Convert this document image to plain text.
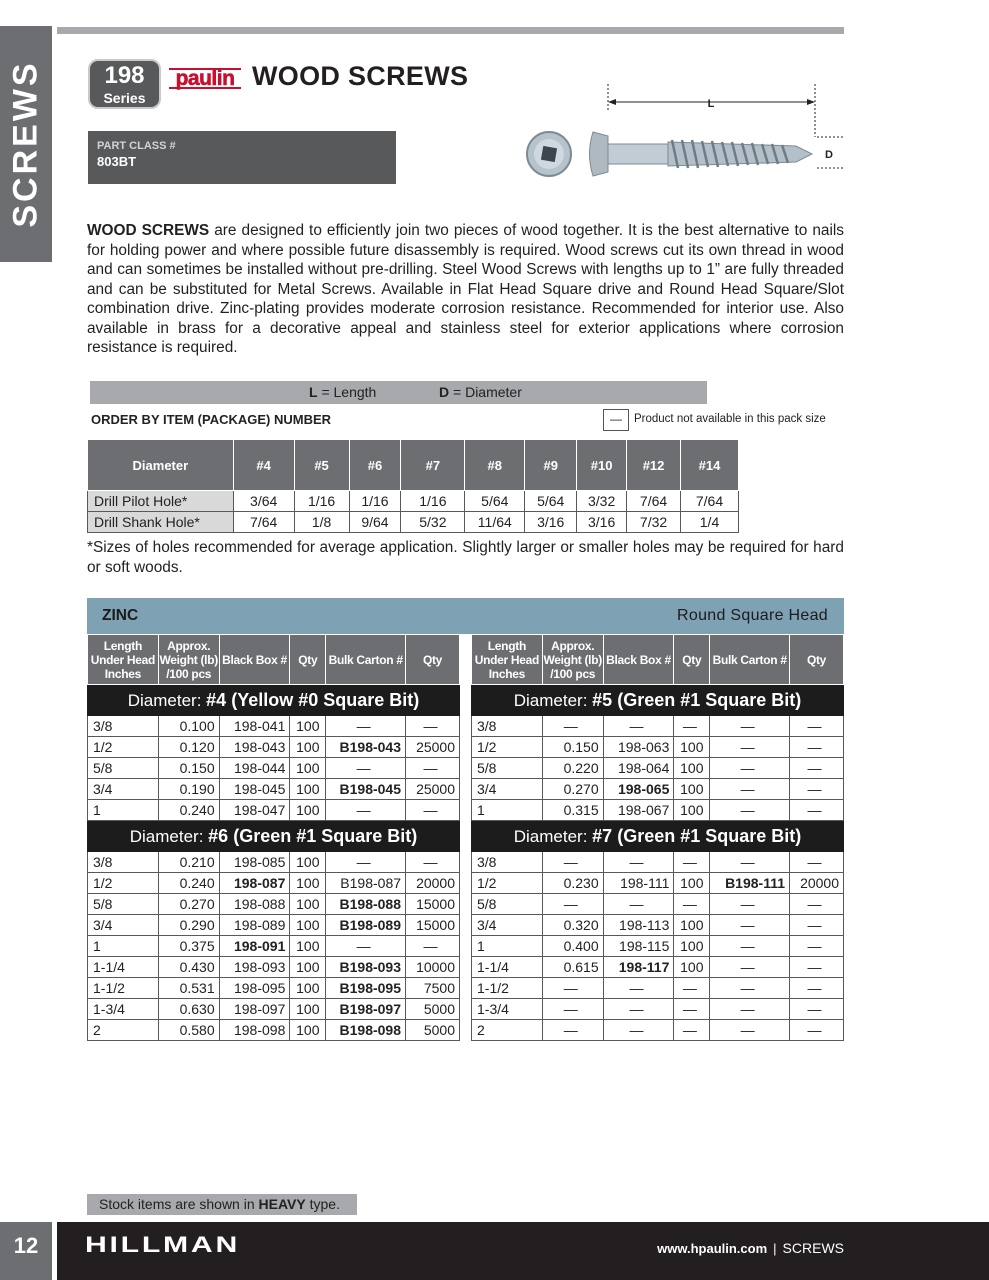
SCREWS	198
Series
paulin WOOD SCREWS
PART CLASS #
803BT
L
D
WOOD SCREWS are designed to efficiently join two pieces of wood together. It is the best alternative to nails for holding power and where possible future disassembly is required. Wood screws cut its own thread in wood and can sometimes be installed without pre-drilling. Steel Wood Screws with lengths up to 1” are fully threaded and can be substituted for Metal Screws. Available in Flat Head Square drive and Round Head Square/Slot combination drive. Zinc-plating provides moderate corrosion resistance. Recommended for interior use. Also available in brass for a decorative appeal and stainless steel for exterior applications where corrosion resistance is required.
L = Length	D = Diameter
ORDER BY ITEM (PACKAGE) NUMBER	—	Product not available in this pack size
Diameter	#4	#5	#6	#7	#8	#9	#10	#12	#14
Drill Pilot Hole*	3/64	1/16	1/16	1/16	5/64	5/64	3/32	7/64	7/64
Drill Shank Hole*	7/64	1/8	9/64	5/32	11/64	3/16	3/16	7/32	1/4
*Sizes of holes recommended for average application. Slightly larger or smaller holes may be required for hard or soft woods.
ZINC	Round Square Head
Length Under Head Inches	Approx. Weight (lb) /100 pcs	Black Box #	Qty	Bulk Carton #	Qty
Diameter: #4 (Yellow #0 Square Bit)					
3/8	0.100	198-041	100	—	—
1/2	0.120	198-043	100	B198-043	25000
5/8	0.150	198-044	100	—	—
3/4	0.190	198-045	100	B198-045	25000
1	0.240	198-047	100	—	—
Diameter: #6 (Green #1 Square Bit)					
3/8	0.210	198-085	100	—	—
1/2	0.240	198-087	100	B198-087	20000
5/8	0.270	198-088	100	B198-088	15000
3/4	0.290	198-089	100	B198-089	15000
1	0.375	198-091	100	—	—
1-1/4	0.430	198-093	100	B198-093	10000
1-1/2	0.531	198-095	100	B198-095	7500
1-3/4	0.630	198-097	100	B198-097	5000
2	0.580	198-098	100	B198-098	5000
Length Under Head Inches	Approx. Weight (lb) /100 pcs	Black Box #	Qty	Bulk Carton #	Qty
Diameter: #5 (Green #1 Square Bit)					
3/8	—	—	—	—	—
1/2	0.150	198-063	100	—	—
5/8	0.220	198-064	100	—	—
3/4	0.270	198-065	100	—	—
1	0.315	198-067	100	—	—
Diameter: #7 (Green #1 Square Bit)					
3/8	—	—	—	—	—
1/2	0.230	198-111	100	B198-111	20000
5/8	—	—	—	—	—
3/4	0.320	198-113	100	—	—
1	0.400	198-115	100	—	—
1-1/4	0.615	198-117	100	—	—
1-1/2	—	—	—	—	—
1-3/4	—	—	—	—	—
2	—	—	—	—	—
Stock items are shown in HEAVY type.
12	HILLMAN	www.hpaulin.com | SCREWS
